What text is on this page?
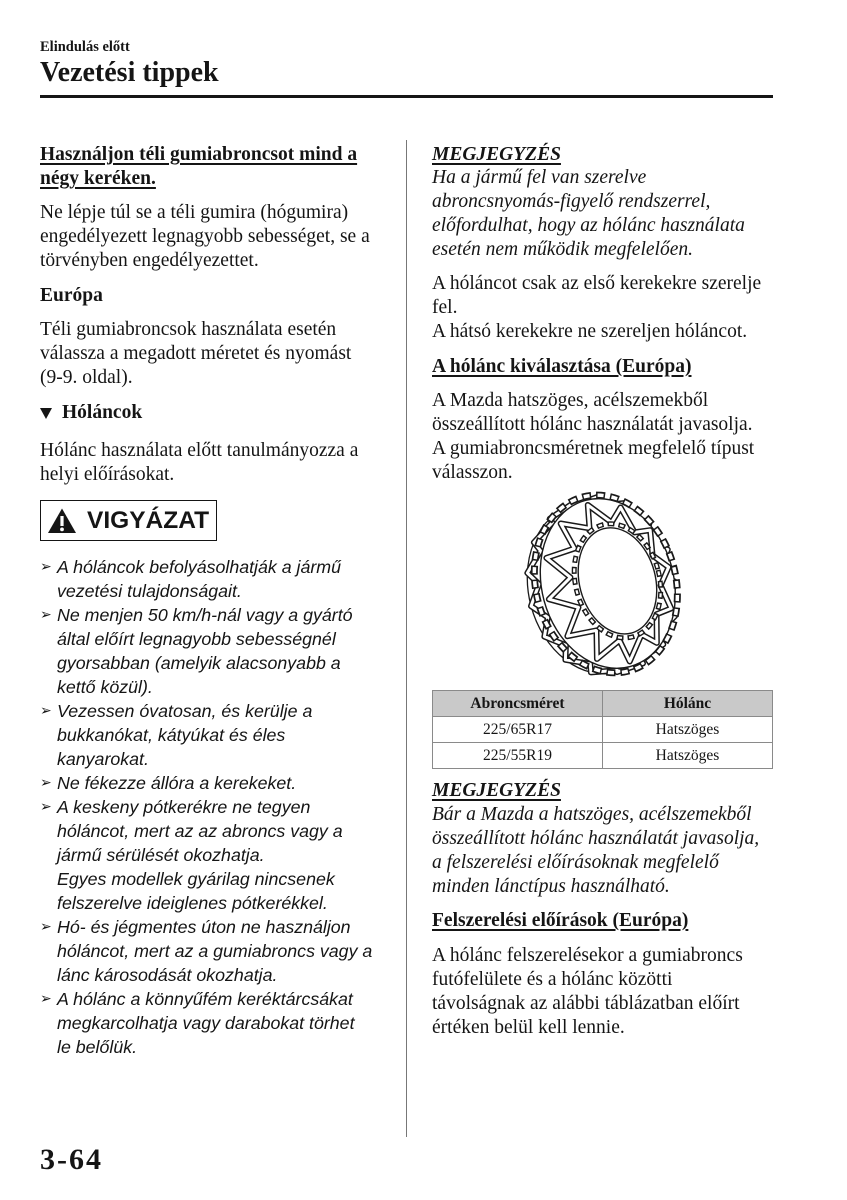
Elindulás előtt
Vezetési tippek

Használjon téli gumiabroncsot mind a
négy keréken.

Ne lépje túl se a téli gumira (hógumira)
engedélyezett legnagyobb sebességet, se a
törvényben engedélyezettet.

Európa

Téli gumiabroncsok használata esetén
válassza a megadott méretet és nyomást
(9-9. oldal).

Hóláncok

Hólánc használata előtt tanulmányozza a
helyi előírásokat.

VIGYÁZAT
➢
A hóláncok befolyásolhatják a jármű
vezetési tulajdonságait.
➢
Ne menjen 50 km/h-nál vagy a gyártó
által előírt legnagyobb sebességnél
gyorsabban (amelyik alacsonyabb a
kettő közül).
➢
Vezessen óvatosan, és kerülje a
bukkanókat, kátyúkat és éles
kanyarokat.
➢
Ne fékezze állóra a kerekeket.
➢
A keskeny pótkerékre ne tegyen
hóláncot, mert az az abroncs vagy a
jármű sérülését okozhatja.
Egyes modellek gyárilag nincsenek
felszerelve ideiglenes pótkerékkel.
➢
Hó- és jégmentes úton ne használjon
hóláncot, mert az a gumiabroncs vagy a
lánc károsodását okozhatja.
➢
A hólánc a könnyűfém keréktárcsákat
megkarcolhatja vagy darabokat törhet
le belőlük.

MEGJEGYZÉS

Ha a jármű fel van szerelve
abroncsnyomás-figyelő rendszerrel,
előfordulhat, hogy az hólánc használata
esetén nem működik megfelelően.

A hóláncot csak az első kerekekre szerelje
fel.
A hátsó kerekekre ne szereljen hóláncot.

A hólánc kiválasztása (Európa)

A Mazda hatszöges, acélszemekből
összeállított hólánc használatát javasolja.
A gumiabroncsméretnek megfelelő típust
válasszon.

Abroncsméret	Hólánc
225/65R17	Hatszöges
225/55R19	Hatszöges

MEGJEGYZÉS

Bár a Mazda a hatszöges, acélszemekből
összeállított hólánc használatát javasolja,
a felszerelési előírásoknak megfelelő
minden lánctípus használható.

Felszerelési előírások (Európa)

A hólánc felszerelésekor a gumiabroncs
futófelülete és a hólánc közötti
távolságnak az alábbi táblázatban előírt
értéken belül kell lennie.

3-64
